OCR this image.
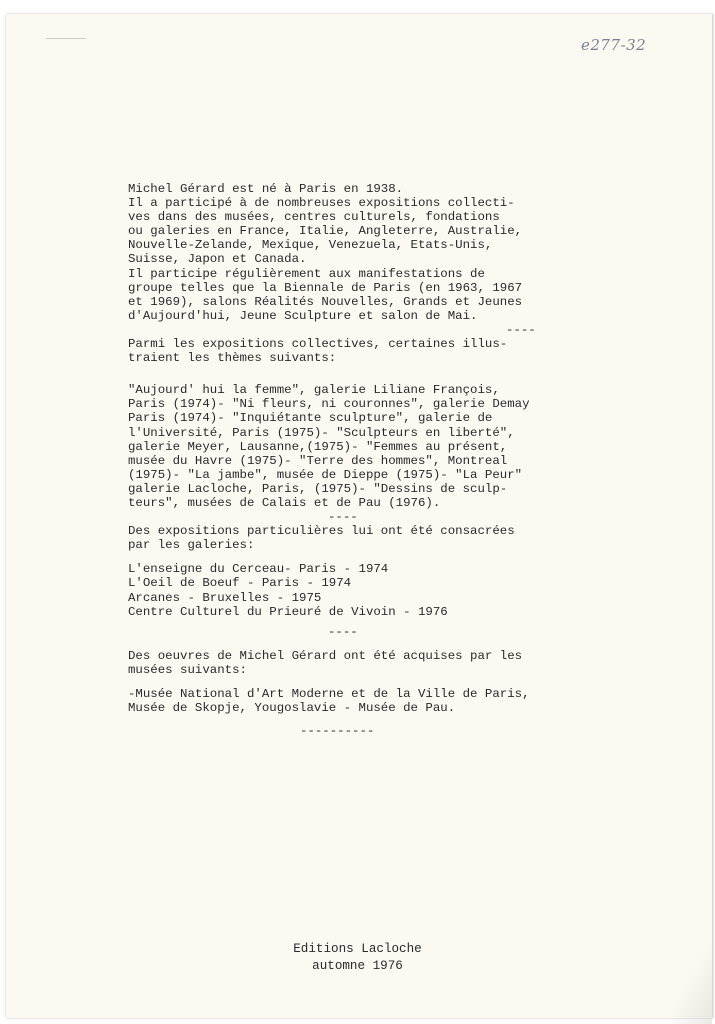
e277-32
Michel Gérard est né à Paris en 1938.
Il a participé à de nombreuses expositions collecti-
ves dans des musées, centres culturels, fondations
ou galeries en France, Italie, Angleterre, Australie,
Nouvelle-Zelande, Mexique, Venezuela, Etats-Unis,
Suisse, Japon et Canada.
Il participe régulièrement aux manifestations de
groupe telles que la Biennale de Paris (en 1963, 1967
et 1969), salons Réalités Nouvelles, Grands et Jeunes
d'Aujourd'hui, Jeune Sculpture et salon de Mai.
----
Parmi les expositions collectives, certaines illus-
traient les thèmes suivants:
"Aujourd' hui la femme", galerie Liliane François,
Paris (1974)- "Ni fleurs, ni couronnes", galerie Demay
Paris (1974)- "Inquiétante sculpture", galerie de
l'Université, Paris (1975)- "Sculpteurs en liberté",
galerie Meyer, Lausanne,(1975)- "Femmes au présent,
musée du Havre (1975)- "Terre des hommes", Montreal
(1975)- "La jambe", musée de Dieppe (1975)- "La Peur"
galerie Lacloche, Paris, (1975)- "Dessins de sculp-
teurs", musées de Calais et de Pau (1976).
----
Des expositions particulières lui ont été consacrées
par les galeries:
L'enseigne du Cerceau- Paris - 1974
L'Oeil de Boeuf - Paris - 1974
Arcanes - Bruxelles - 1975
Centre Culturel du Prieuré de Vivoin - 1976
----
Des oeuvres de Michel Gérard ont été acquises par les
musées suivants:
-Musée National d'Art Moderne et de la Ville de Paris,
Musée de Skopje, Yougoslavie - Musée de Pau.
----------
Editions Lacloche
automne 1976
